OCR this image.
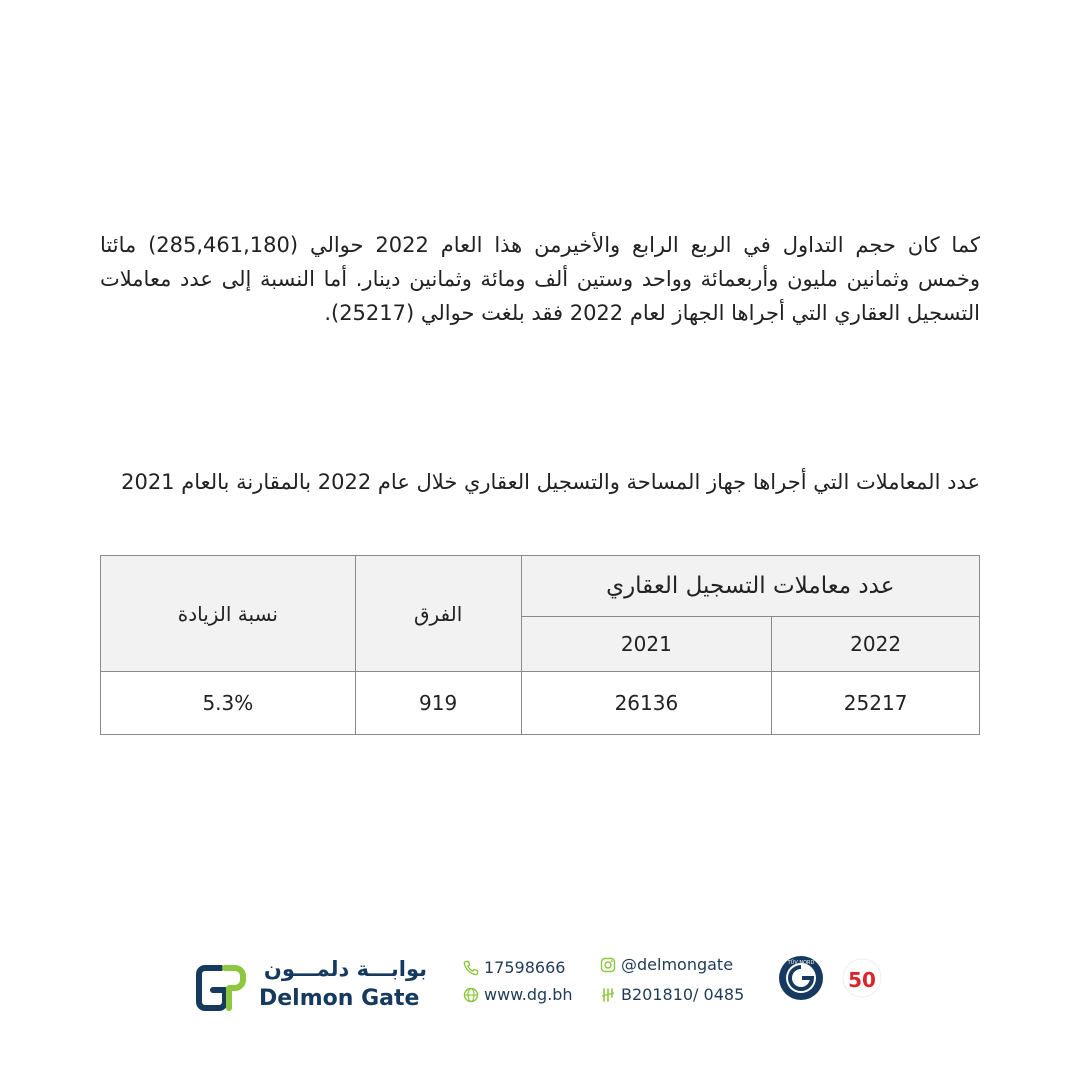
كما كان حجم التداول في الربع الرابع والأخيرمن هذا العام 2022 حوالي (285,461,180) مائتا وخمس وثمانين مليون وأربعمائة وواحد وستين ألف ومائة وثمانين دينار. أما النسبة إلى عدد معاملات التسجيل العقاري التي أجراها الجهاز لعام 2022 فقد بلغت حوالي (25217).
عدد المعاملات التي أجراها جهاز المساحة والتسجيل العقاري خلال عام 2022 بالمقارنة بالعام 2021
عدد معاملات التسجيل العقاري		الفرق	نسبة الزيادة
2022	2021		
25217	26136	919	5.3%
بوابـــة دلمـــون
Delmon Gate
17598666
www.dg.bh
@delmongate
B201810/ 0485
TÜV NORD
50
